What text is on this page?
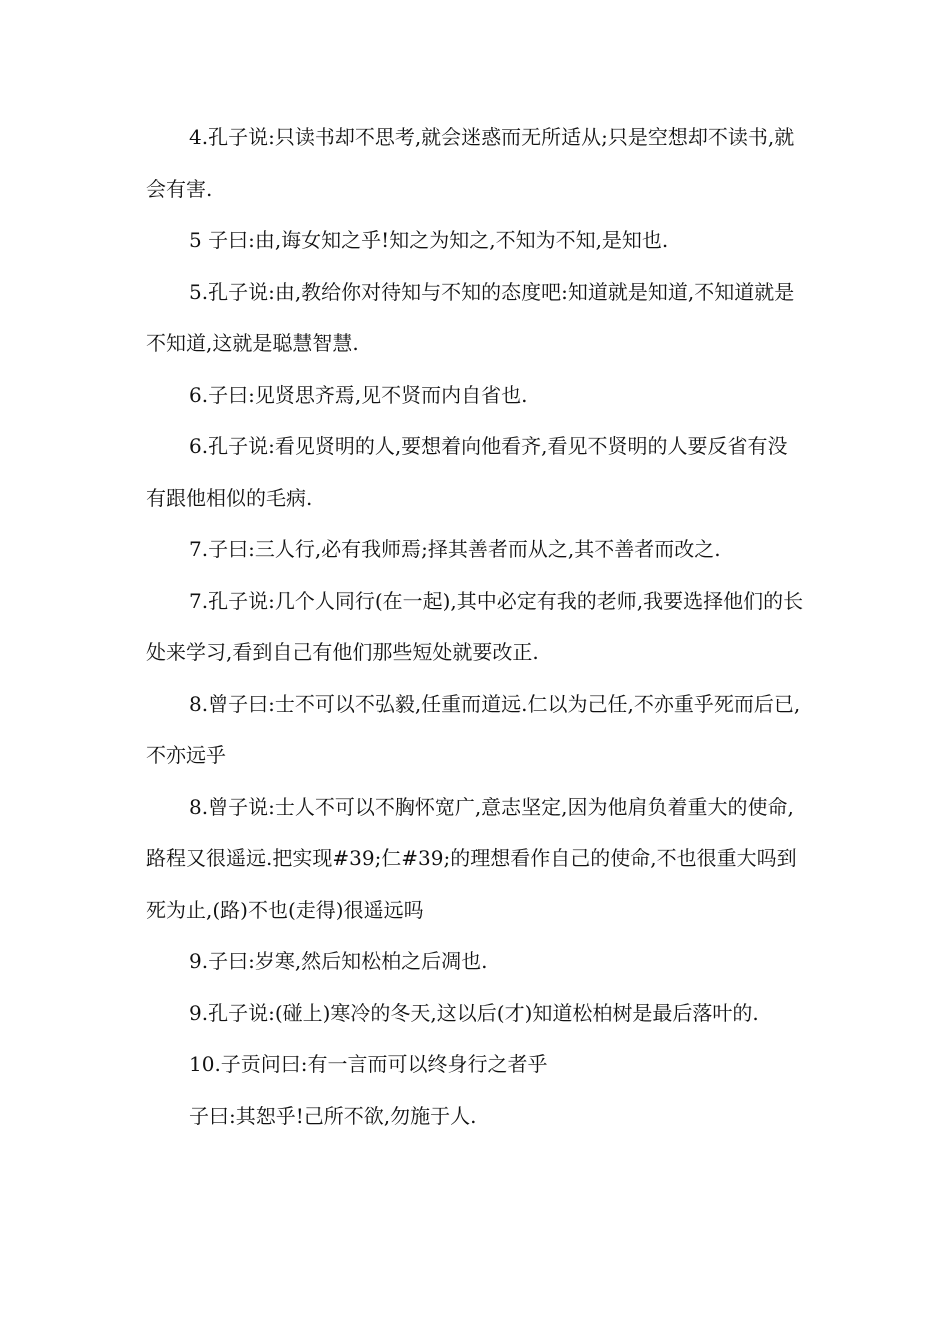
4.孔子说:只读书却不思考,就会迷惑而无所适从;只是空想却不读书,就会有害.

5 子曰:由,诲女知之乎!知之为知之,不知为不知,是知也.

5.孔子说:由,教给你对待知与不知的态度吧:知道就是知道,不知道就是不知道,这就是聪慧智慧.

6.子曰:见贤思齐焉,见不贤而内自省也.

6.孔子说:看见贤明的人,要想着向他看齐,看见不贤明的人要反省有没有跟他相似的毛病.

7.子曰:三人行,必有我师焉;择其善者而从之,其不善者而改之.

7.孔子说:几个人同行(在一起),其中必定有我的老师,我要选择他们的长处来学习,看到自己有他们那些短处就要改正.

8.曾子曰:士不可以不弘毅,任重而道远.仁以为己任,不亦重乎死而后已,不亦远乎

8.曾子说:士人不可以不胸怀宽广,意志坚定,因为他肩负着重大的使命,路程又很遥远.把实现#39;仁#39;的理想看作自己的使命,不也很重大吗到死为止,(路)不也(走得)很遥远吗

9.子曰:岁寒,然后知松柏之后凋也.

9.孔子说:(碰上)寒冷的冬天,这以后(才)知道松柏树是最后落叶的.

10.子贡问曰:有一言而可以终身行之者乎

子曰:其恕乎!己所不欲,勿施于人.
